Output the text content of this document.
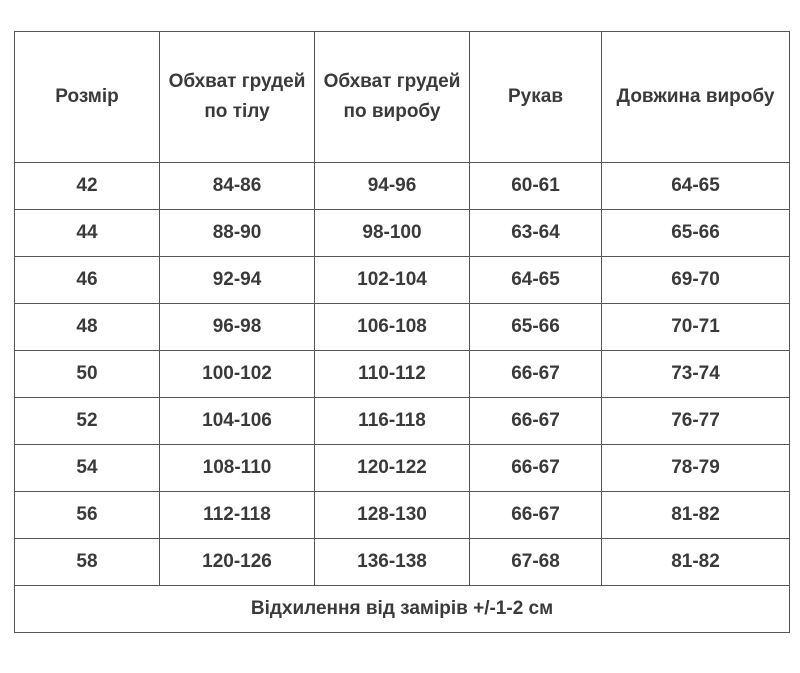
Розмір	Обхват грудей по тілу	Обхват грудей по виробу	Рукав	Довжина виробу
42	84-86	94-96	60-61	64-65
44	88-90	98-100	63-64	65-66
46	92-94	102-104	64-65	69-70
48	96-98	106-108	65-66	70-71
50	100-102	110-112	66-67	73-74
52	104-106	116-118	66-67	76-77
54	108-110	120-122	66-67	78-79
56	112-118	128-130	66-67	81-82
58	120-126	136-138	67-68	81-82
Відхилення від замірів +/-1-2 см				
